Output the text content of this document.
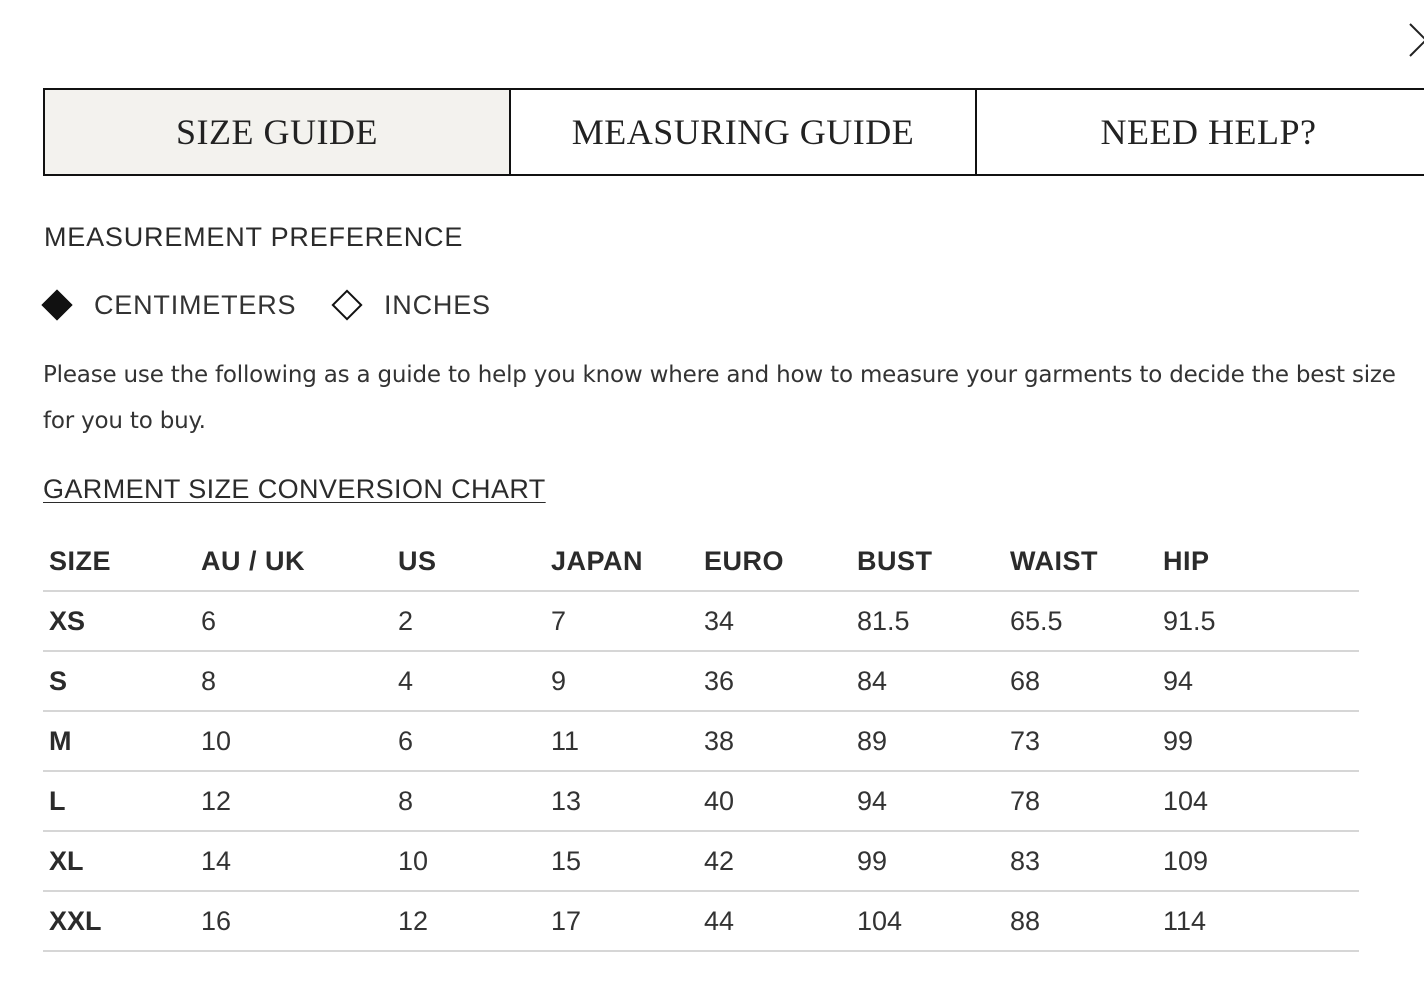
SIZE GUIDE	MEASURING GUIDE	NEED HELP?
MEASUREMENT PREFERENCE
CENTIMETERS	INCHES
Please use the following as a guide to help you know where and how to measure your garments to decide the best size for you to buy.
GARMENT SIZE CONVERSION CHART
SIZE	AU / UK	US	JAPAN	EURO	BUST	WAIST	HIP
XS	6	2	7	34	81.5	65.5	91.5
S	8	4	9	36	84	68	94
M	10	6	11	38	89	73	99
L	12	8	13	40	94	78	104
XL	14	10	15	42	99	83	109
XXL	16	12	17	44	104	88	114
